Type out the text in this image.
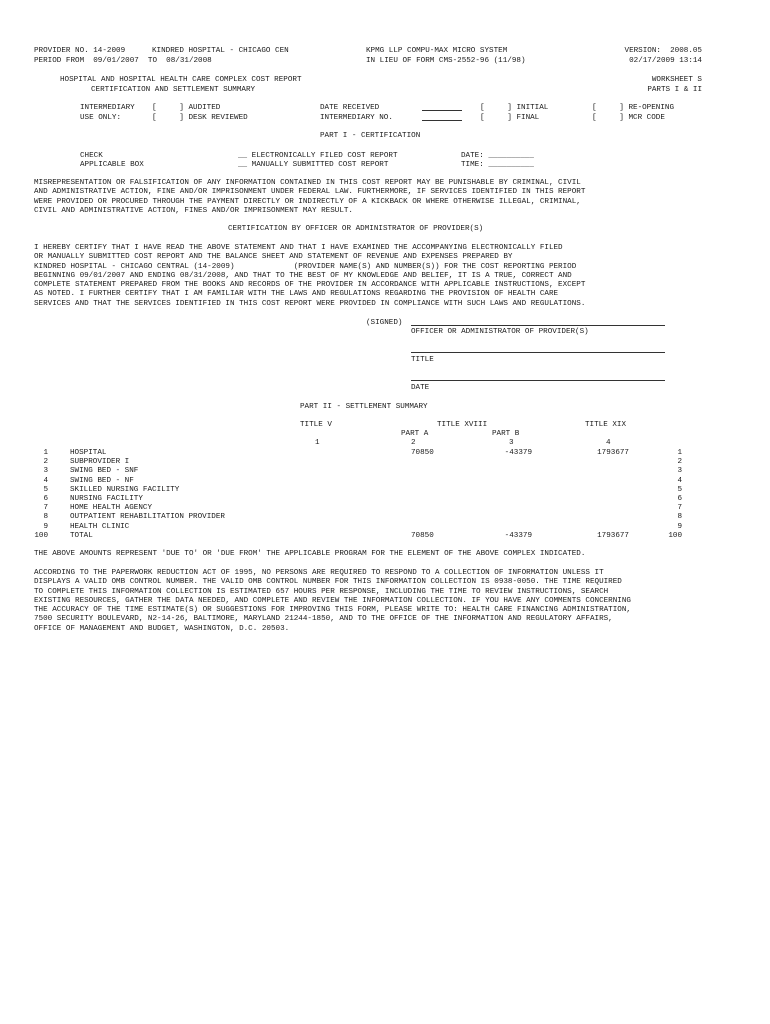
PROVIDER NO. 14-2009	KINDRED HOSPITAL - CHICAGO CEN	KPMG LLP COMPU-MAX MICRO SYSTEM	VERSION:  2008.05
PERIOD FROM  09/01/2007  TO  08/31/2008	IN LIEU OF FORM CMS-2552-96 (11/98)	02/17/2009 13:14
HOSPITAL AND HOSPITAL HEALTH CARE COMPLEX COST REPORT	WORKSHEET S
CERTIFICATION AND SETTLEMENT SUMMARY	PARTS I & II
INTERMEDIARY
USE ONLY:
[     ] AUDITED
[     ] DESK REVIEWED
DATE RECEIVED
INTERMEDIARY NO.
[     ] INITIAL
[     ] FINAL
[     ] RE-OPENING
[     ] MCR CODE
PART I - CERTIFICATION
CHECK
APPLICABLE BOX
__ ELECTRONICALLY FILED COST REPORT
__ MANUALLY SUBMITTED COST REPORT
DATE: __________
TIME: __________
MISREPRESENTATION OR FALSIFICATION OF ANY INFORMATION CONTAINED IN THIS COST REPORT MAY BE PUNISHABLE BY CRIMINAL, CIVIL
AND ADMINISTRATIVE ACTION, FINE AND/OR IMPRISONMENT UNDER FEDERAL LAW. FURTHERMORE, IF SERVICES IDENTIFIED IN THIS REPORT
WERE PROVIDED OR PROCURED THROUGH THE PAYMENT DIRECTLY OR INDIRECTLY OF A KICKBACK OR WHERE OTHERWISE ILLEGAL, CRIMINAL,
CIVIL AND ADMINISTRATIVE ACTION, FINES AND/OR IMPRISONMENT MAY RESULT.
CERTIFICATION BY OFFICER OR ADMINISTRATOR OF PROVIDER(S)
I HEREBY CERTIFY THAT I HAVE READ THE ABOVE STATEMENT AND THAT I HAVE EXAMINED THE ACCOMPANYING ELECTRONICALLY FILED
OR MANUALLY SUBMITTED COST REPORT AND THE BALANCE SHEET AND STATEMENT OF REVENUE AND EXPENSES PREPARED BY
KINDRED HOSPITAL - CHICAGO CENTRAL (14-2009)             (PROVIDER NAME(S) AND NUMBER(S)) FOR THE COST REPORTING PERIOD
BEGINNING 09/01/2007 AND ENDING 08/31/2008, AND THAT TO THE BEST OF MY KNOWLEDGE AND BELIEF, IT IS A TRUE, CORRECT AND
COMPLETE STATEMENT PREPARED FROM THE BOOKS AND RECORDS OF THE PROVIDER IN ACCORDANCE WITH APPLICABLE INSTRUCTIONS, EXCEPT
AS NOTED. I FURTHER CERTIFY THAT I AM FAMILIAR WITH THE LAWS AND REGULATIONS REGARDING THE PROVISION OF HEALTH CARE
SERVICES AND THAT THE SERVICES IDENTIFIED IN THIS COST REPORT WERE PROVIDED IN COMPLIANCE WITH SUCH LAWS AND REGULATIONS.
(SIGNED)
OFFICER OR ADMINISTRATOR OF PROVIDER(S)
TITLE
DATE
PART II - SETTLEMENT SUMMARY
TITLE V	TITLE XVIII	TITLE XIX
PART A	PART B
1	2	3	4
1	HOSPITAL	70850	-43379	1793677	1
2	SUBPROVIDER I	2
3	SWING BED - SNF	3
4	SWING BED - NF	4
5	SKILLED NURSING FACILITY	5
6	NURSING FACILITY	6
7	HOME HEALTH AGENCY	7
8	OUTPATIENT REHABILITATION PROVIDER	8
9	HEALTH CLINIC	9
100	TOTAL	70850	-43379	1793677	100
THE ABOVE AMOUNTS REPRESENT 'DUE TO' OR 'DUE FROM' THE APPLICABLE PROGRAM FOR THE ELEMENT OF THE ABOVE COMPLEX INDICATED.
ACCORDING TO THE PAPERWORK REDUCTION ACT OF 1995, NO PERSONS ARE REQUIRED TO RESPOND TO A COLLECTION OF INFORMATION UNLESS IT
DISPLAYS A VALID OMB CONTROL NUMBER. THE VALID OMB CONTROL NUMBER FOR THIS INFORMATION COLLECTION IS 0938-0050. THE TIME REQUIRED
TO COMPLETE THIS INFORMATION COLLECTION IS ESTIMATED 657 HOURS PER RESPONSE, INCLUDING THE TIME TO REVIEW INSTRUCTIONS, SEARCH
EXISTING RESOURCES, GATHER THE DATA NEEDED, AND COMPLETE AND REVIEW THE INFORMATION COLLECTION. IF YOU HAVE ANY COMMENTS CONCERNING
THE ACCURACY OF THE TIME ESTIMATE(S) OR SUGGESTIONS FOR IMPROVING THIS FORM, PLEASE WRITE TO: HEALTH CARE FINANCING ADMINISTRATION,
7500 SECURITY BOULEVARD, N2-14-26, BALTIMORE, MARYLAND 21244-1850, AND TO THE OFFICE OF THE INFORMATION AND REGULATORY AFFAIRS,
OFFICE OF MANAGEMENT AND BUDGET, WASHINGTON, D.C. 20503.
